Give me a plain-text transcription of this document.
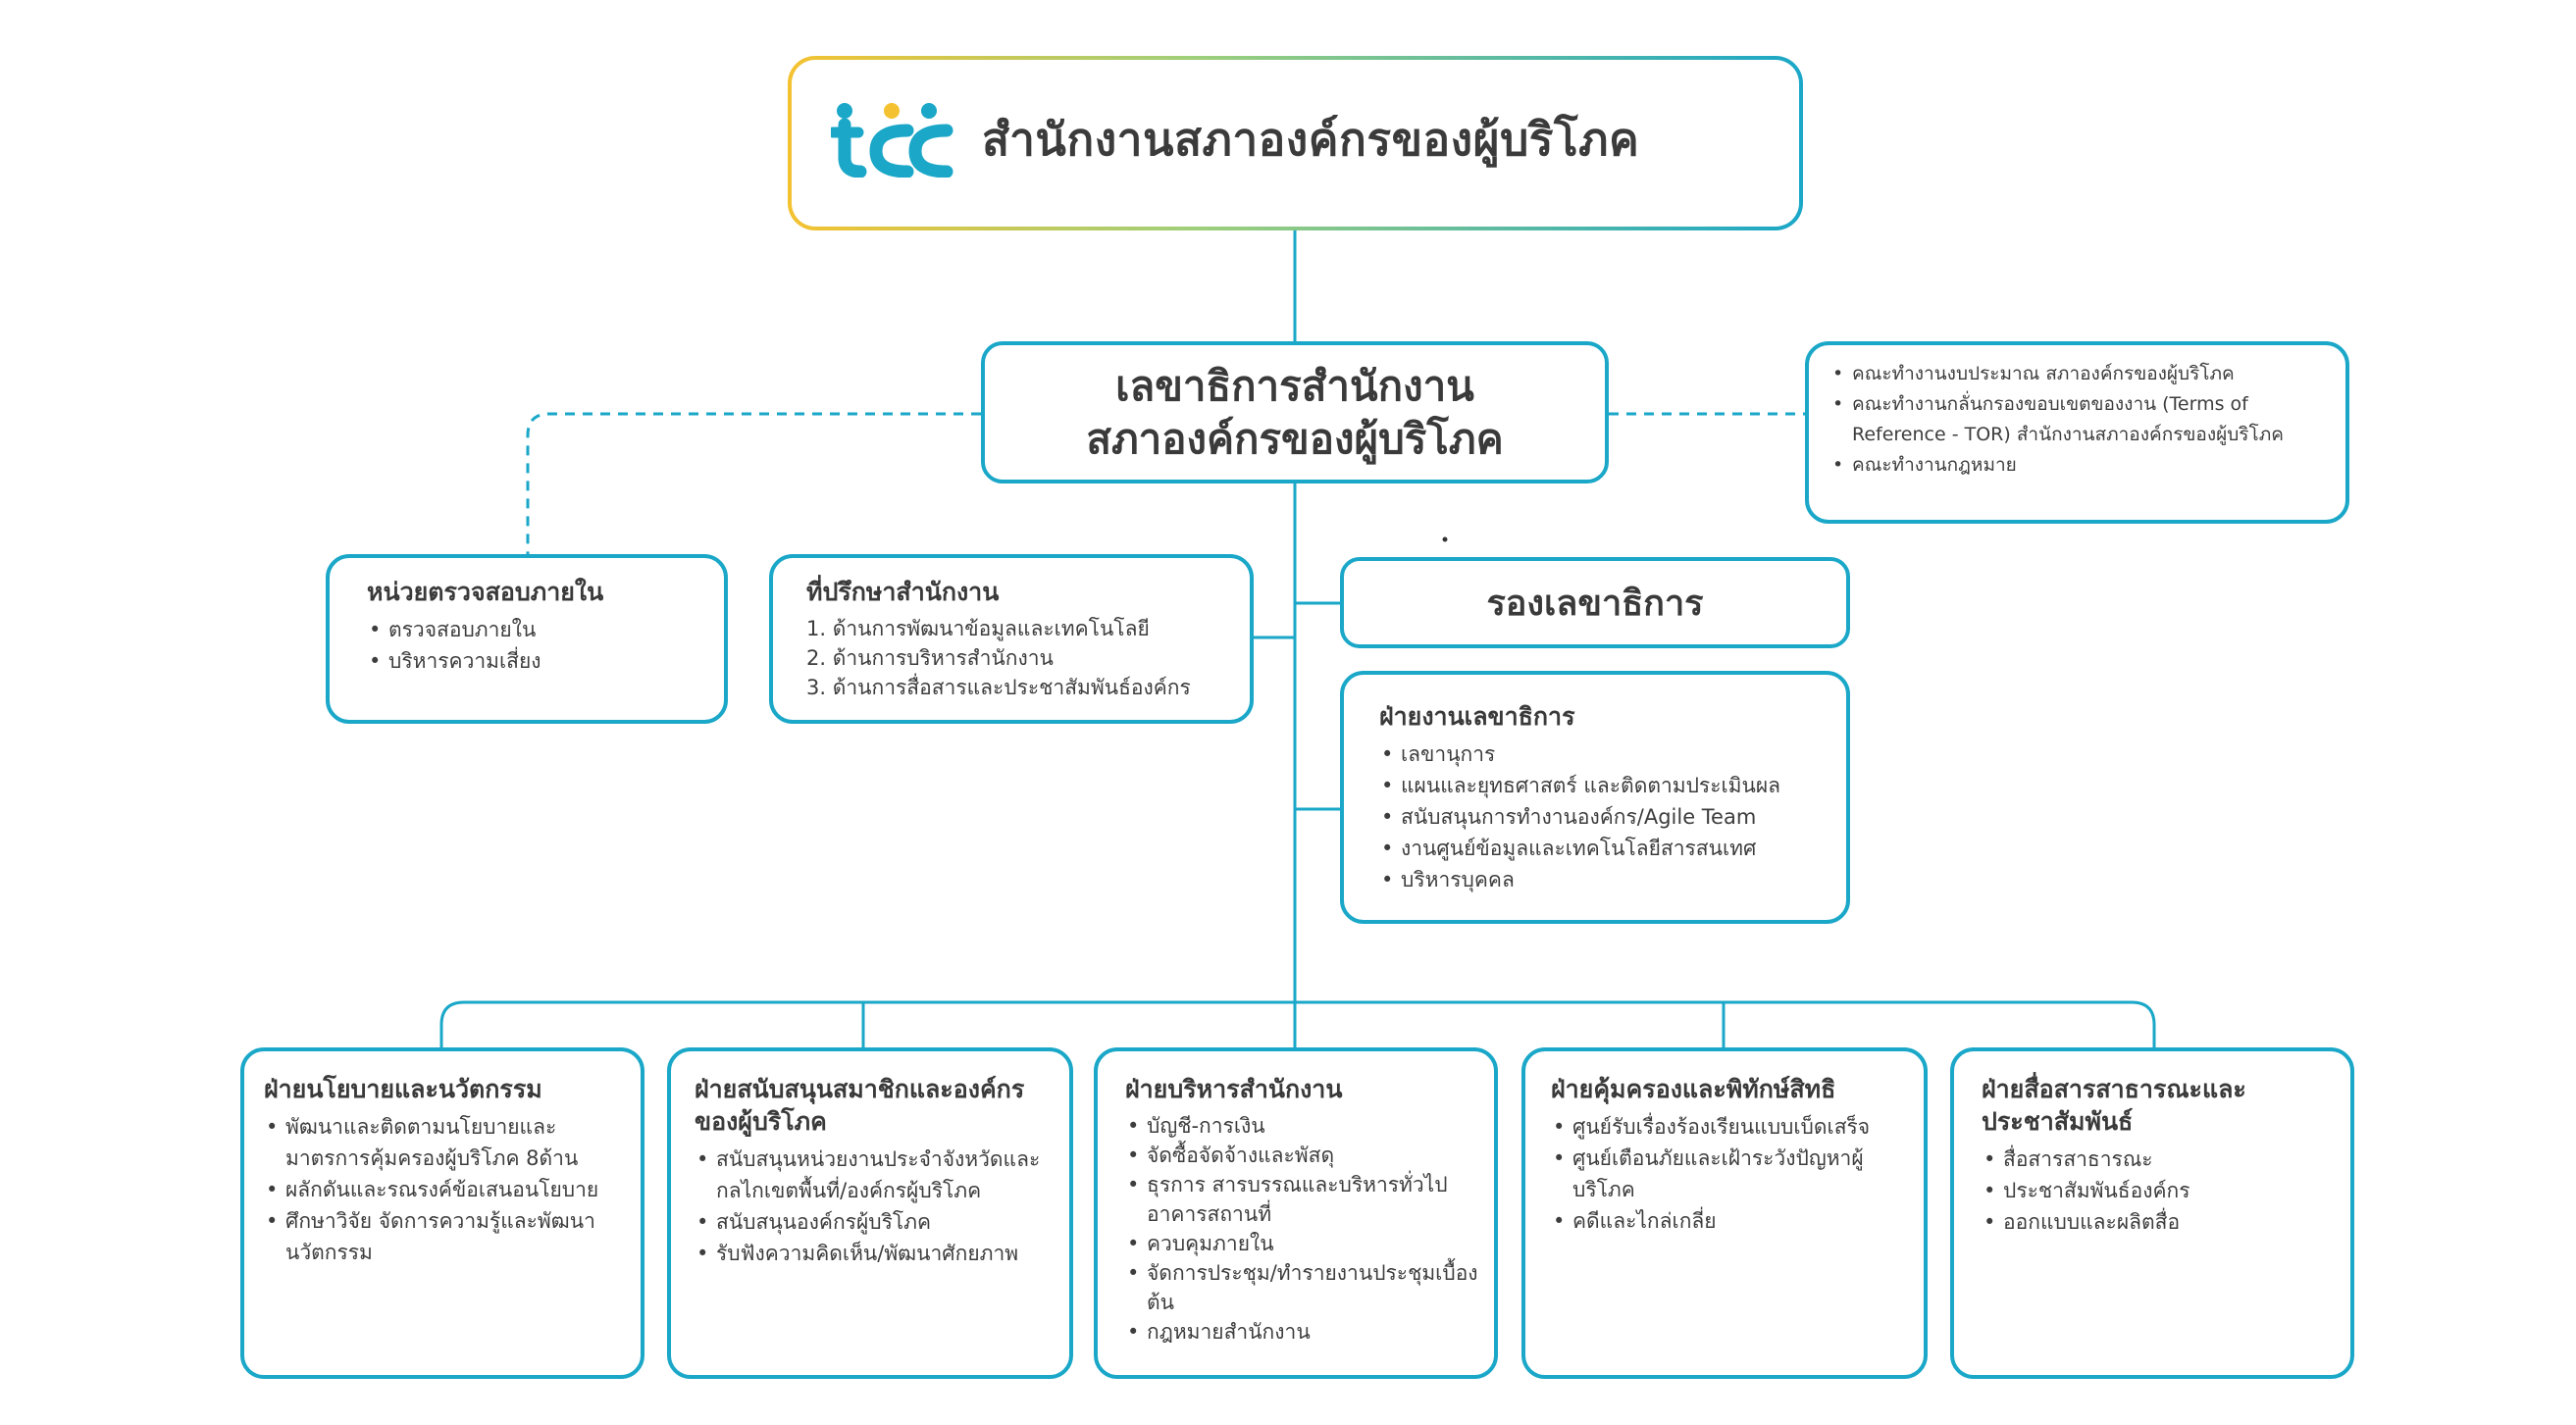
สำนักงานสภาองค์กรของผู้บริโภค
เลขาธิการสำนักงาน
สภาองค์กรของผู้บริโภค
• คณะทำงานงบประมาณ สภาองค์กรของผู้บริโภค
• คณะทำงานกลั่นกรองขอบเขตของงาน (Terms of Reference - TOR) สำนักงานสภาองค์กรของผู้บริโภค
• คณะทำงานกฎหมาย
หน่วยตรวจสอบภายใน
• ตรวจสอบภายใน
• บริหารความเสี่ยง
ที่ปรึกษาสำนักงาน
1. ด้านการพัฒนาข้อมูลและเทคโนโลยี
2. ด้านการบริหารสำนักงาน
3. ด้านการสื่อสารและประชาสัมพันธ์องค์กร
รองเลขาธิการ
ฝ่ายงานเลขาธิการ
• เลขานุการ
• แผนและยุทธศาสตร์ และติดตามประเมินผล
• สนับสนุนการทำงานองค์กร/Agile Team
• งานศูนย์ข้อมูลและเทคโนโลยีสารสนเทศ
• บริหารบุคคล
ฝ่ายนโยบายและนวัตกรรม
• พัฒนาและติดตามนโยบายและมาตรการคุ้มครองผู้บริโภค 8ด้าน
• ผลักดันและรณรงค์ข้อเสนอนโยบาย
• ศึกษาวิจัย จัดการความรู้และพัฒนานวัตกรรม
ฝ่ายสนับสนุนสมาชิกและองค์กรของผู้บริโภค
• สนับสนุนหน่วยงานประจำจังหวัดและกลไกเขตพื้นที่/องค์กรผู้บริโภค
• สนับสนุนองค์กรผู้บริโภค
• รับฟังความคิดเห็น/พัฒนาศักยภาพ
ฝ่ายบริหารสำนักงาน
• บัญชี-การเงิน
• จัดซื้อจัดจ้างและพัสดุ
• ธุรการ สารบรรณและบริหารทั่วไปอาคารสถานที่
• ควบคุมภายใน
• จัดการประชุม/ทำรายงานประชุมเบื้องต้น
• กฎหมายสำนักงาน
ฝ่ายคุ้มครองและพิทักษ์สิทธิ
• ศูนย์รับเรื่องร้องเรียนแบบเบ็ดเสร็จ
• ศูนย์เตือนภัยและเฝ้าระวังปัญหาผู้บริโภค
• คดีและไกล่เกลี่ย
ฝ่ายสื่อสารสาธารณะและประชาสัมพันธ์
• สื่อสารสาธารณะ
• ประชาสัมพันธ์องค์กร
• ออกแบบและผลิตสื่อ
